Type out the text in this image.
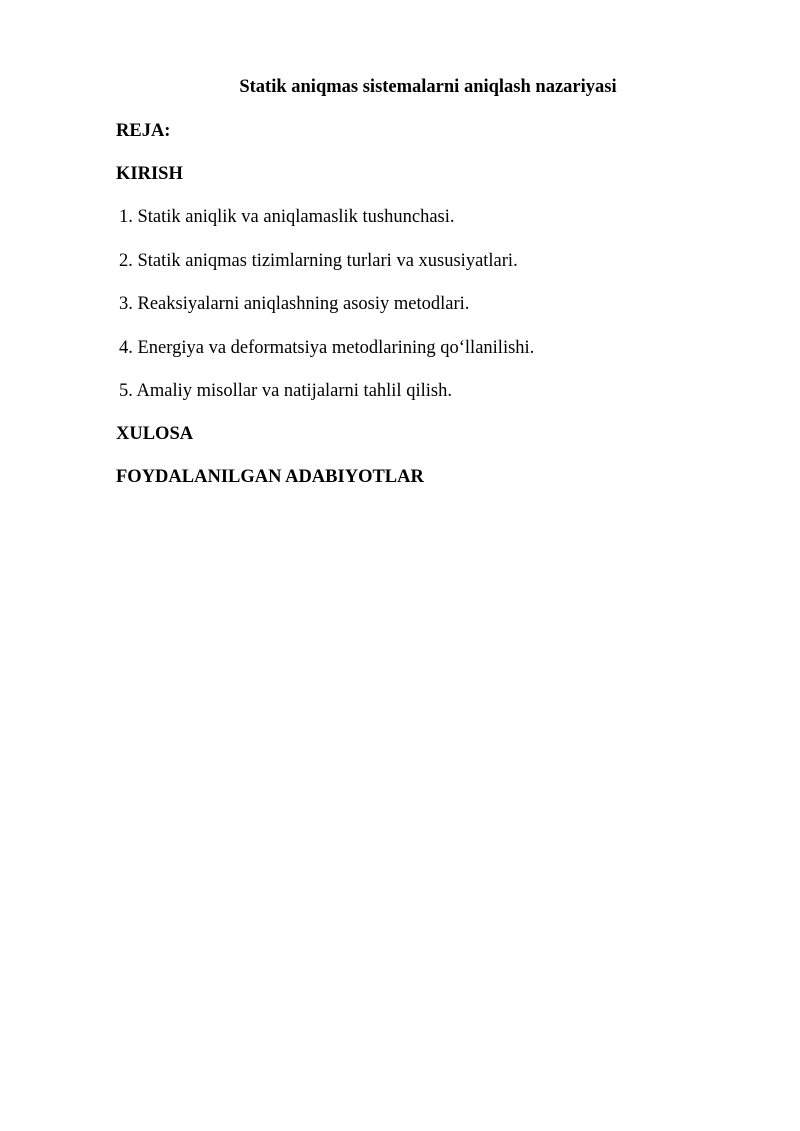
Statik aniqmas sistemalarni aniqlash nazariyasi
REJA:
KIRISH
1. Statik aniqlik va aniqlamaslik tushunchasi.
2. Statik aniqmas tizimlarning turlari va xususiyatlari.
3. Reaksiyalarni aniqlashning asosiy metodlari.
4. Energiya va deformatsiya metodlarining qo‘llanilishi.
5. Amaliy misollar va natijalarni tahlil qilish.
XULOSA
FOYDALANILGAN ADABIYOTLAR
